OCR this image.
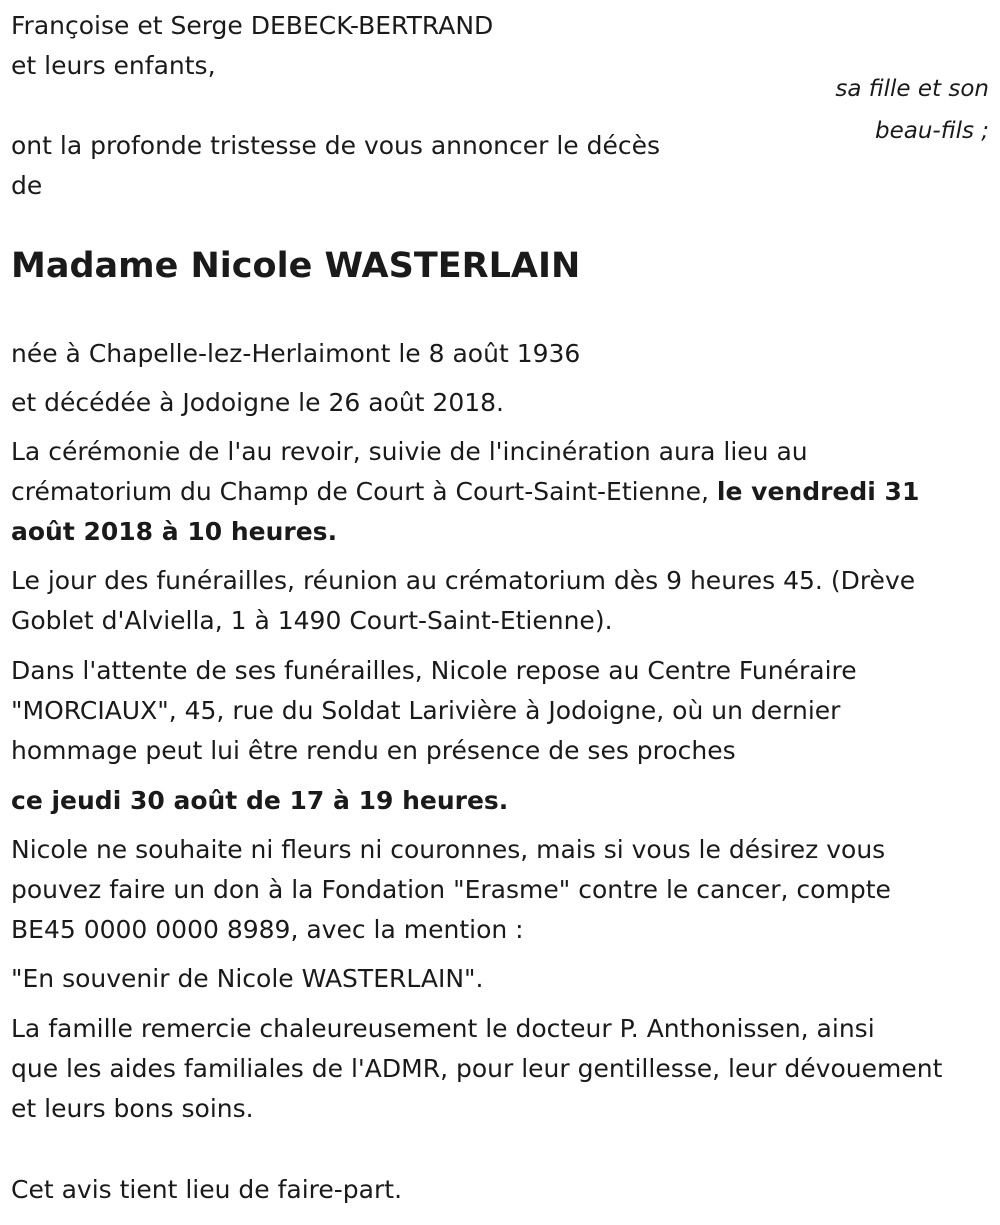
Françoise et Serge DEBECK-BERTRAND
et leurs enfants,
sa fille et son
beau-fils ;
ont la profonde tristesse de vous annoncer le décès
de
Madame Nicole WASTERLAIN
née à Chapelle-lez-Herlaimont le 8 août 1936
et décédée à Jodoigne le 26 août 2018.
La cérémonie de l'au revoir, suivie de l'incinération aura lieu au
crématorium du Champ de Court à Court-Saint-Etienne, le vendredi 31
août 2018 à 10 heures.
Le jour des funérailles, réunion au crématorium dès 9 heures 45. (Drève
Goblet d'Alviella, 1 à 1490 Court-Saint-Etienne).
Dans l'attente de ses funérailles, Nicole repose au Centre Funéraire
"MORCIAUX", 45, rue du Soldat Larivière à Jodoigne, où un dernier
hommage peut lui être rendu en présence de ses proches
ce jeudi 30 août de 17 à 19 heures.
Nicole ne souhaite ni fleurs ni couronnes, mais si vous le désirez vous
pouvez faire un don à la Fondation "Erasme" contre le cancer, compte
BE45 0000 0000 8989, avec la mention :
"En souvenir de Nicole WASTERLAIN".
La famille remercie chaleureusement le docteur P. Anthonissen, ainsi
que les aides familiales de l'ADMR, pour leur gentillesse, leur dévouement
et leurs bons soins.
Cet avis tient lieu de faire-part.
